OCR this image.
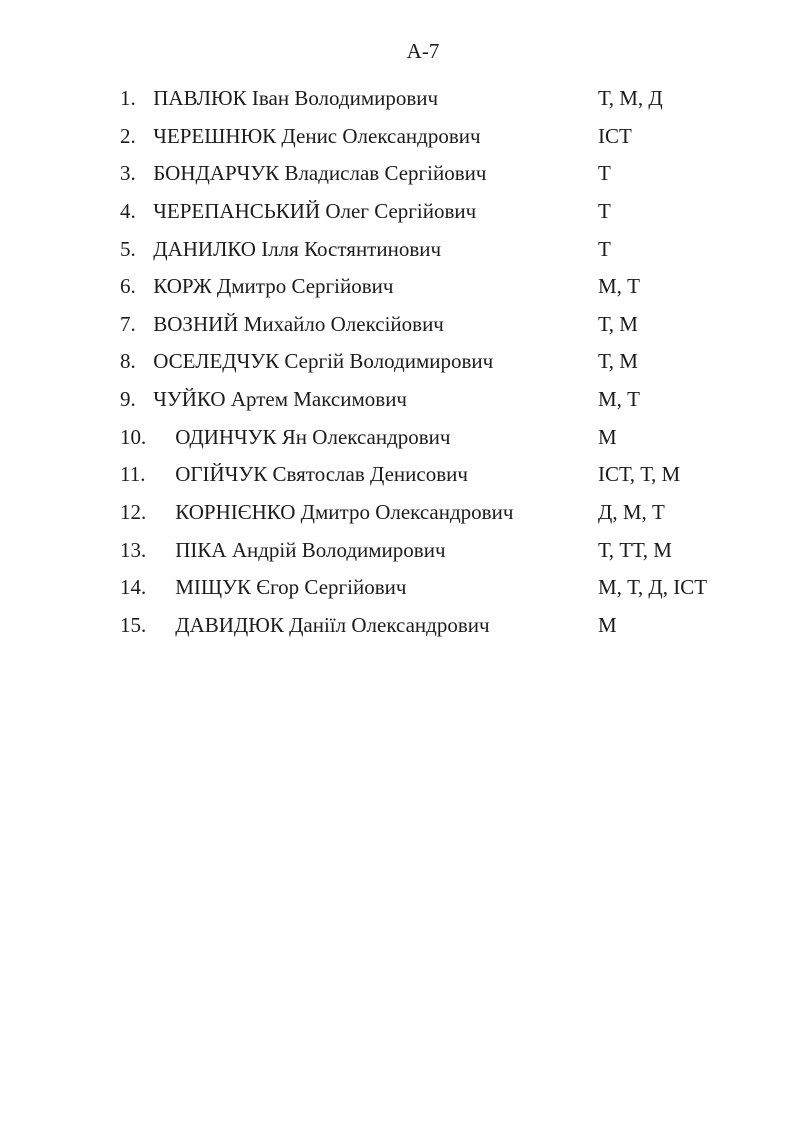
А-7
1. ПАВЛЮК Іван Володимирович	Т, М, Д
2. ЧЕРЕШНЮК Денис Олександрович	ІСТ
3. БОНДАРЧУК Владислав Сергійович	Т
4. ЧЕРЕПАНСЬКИЙ Олег Сергійович	Т
5. ДАНИЛКО Ілля Костянтинович	Т
6. КОРЖ Дмитро Сергійович	М, Т
7. ВОЗНИЙ Михайло Олексійович	Т, М
8. ОСЕЛЕДЧУК Сергій Володимирович	Т, М
9. ЧУЙКО Артем Максимович	М, Т
10. ОДИНЧУК Ян Олександрович	М
11. ОГІЙЧУК Святослав Денисович	ІСТ, Т, М
12. КОРНІЄНКО Дмитро Олександрович	Д, М, Т
13. ПІКА Андрій Володимирович	Т, ТТ, М
14. МІЩУК Єгор Сергійович	М, Т, Д, ІСТ
15. ДАВИДЮК Даніїл Олександрович	М
